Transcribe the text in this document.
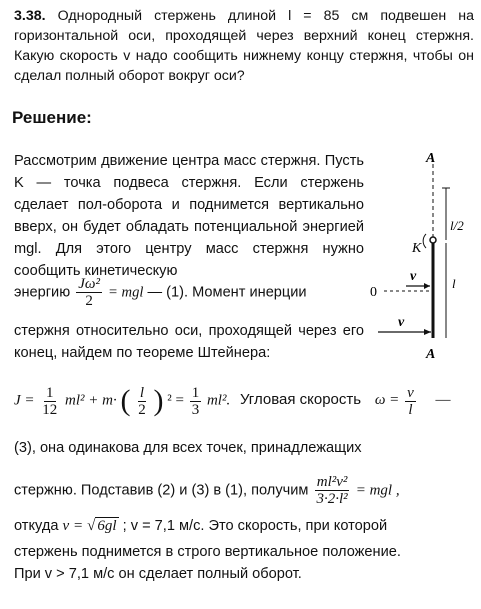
3.38. Однородный стержень длиной l = 85 см подвешен на горизонтальной оси, проходящей через верхний конец стержня. Какую скорость v надо сообщить нижнему концу стержня, чтобы он сделал полный оборот вокруг оси?
Решение:
Рассмотрим движение центра масс стержня. Пусть K — точка подвеса стержня. Если стержень сделает пол-оборота и поднимется вертикально вверх, он будет обладать потенциальной энергией mgl. Для этого центру масс стержня нужно сообщить кинетическую
энергию $\frac{\text{Jω²}}{2}$ = mgl — (1). Момент инерции
стержня относительно оси, проходящей через его конец, найдем по теореме Штейнера:
$J = \frac{1}{12} ml^2 + m\cdot$ ( $\frac{l}{2}$ ) $^2 = \frac{1}{3} ml^2$. Угловая скорость $\omega = \frac{v}{l}$ —
(3), она одинакова для всех точек, принадлежащих
стержню. Подставив (2) и (3) в (1), получим $\frac{\text{ml²v²}}{\text{3·2·l²}}$ = mgl ,
откуда v = √ 6gl ; v = 7,1 м/с. Это скорость, при которой
стержень поднимется в строго вертикальное положение.
При v > 7,1 м/с он сделает полный оборот.
A
A
K
l/2
l
0
v
v
